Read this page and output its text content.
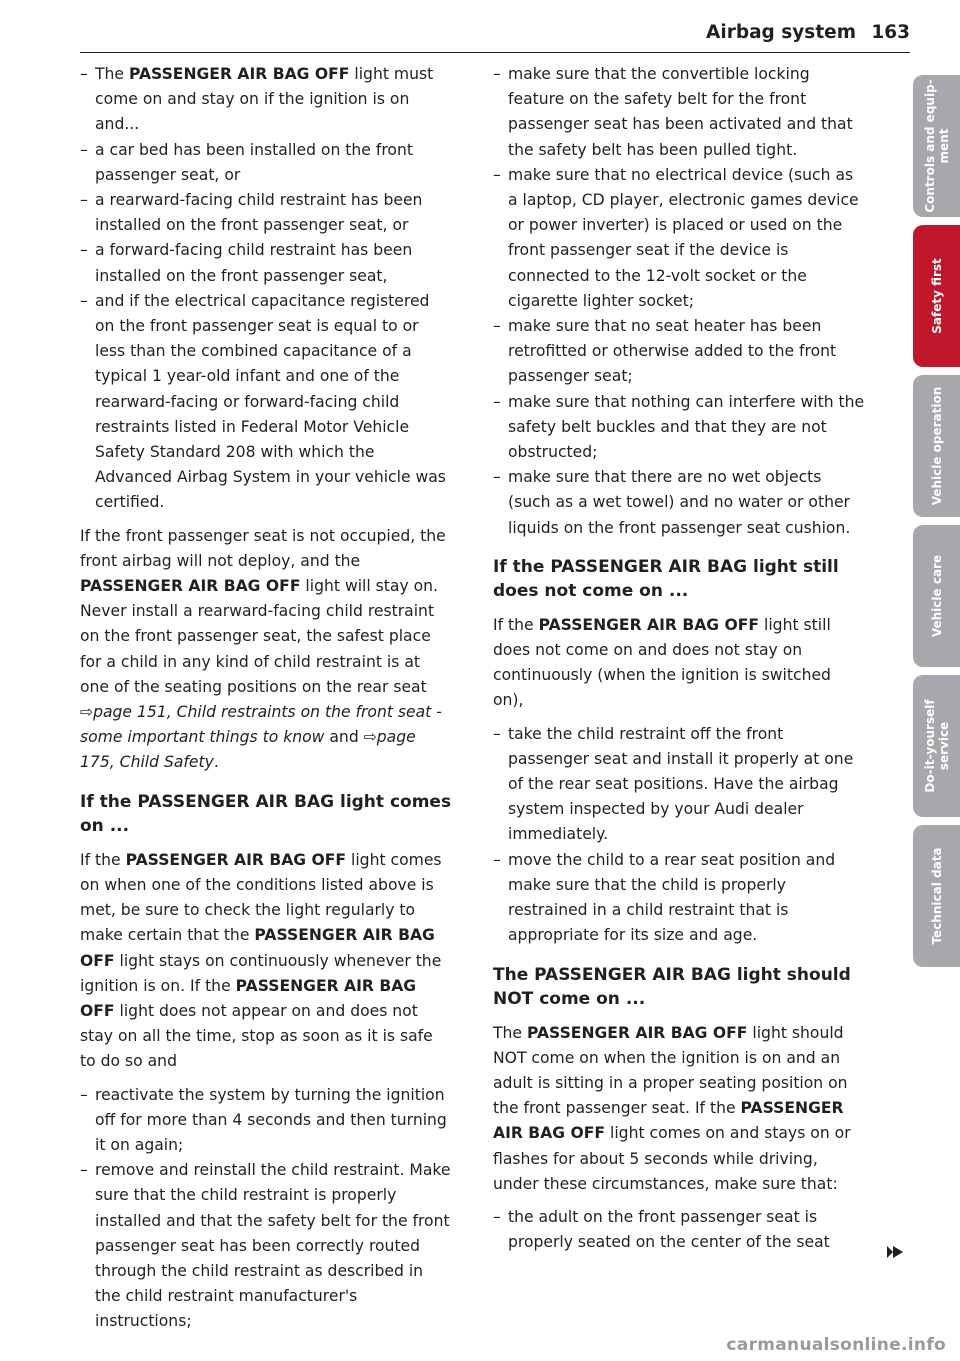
Airbag system 163
– The PASSENGER AIR BAG OFF light must come on and stay on if the ignition is on and...
– a car bed has been installed on the front passenger seat, or
– a rearward-facing child restraint has been installed on the front passenger seat, or
– a forward-facing child restraint has been installed on the front passenger seat,
– and if the electrical capacitance registered on the front passenger seat is equal to or less than the combined capacitance of a typical 1 year-old infant and one of the rearward-facing or forward-facing child restraints listed in Federal Motor Vehicle Safety Standard 208 with which the Advanced Airbag System in your vehicle was certified.

If the front passenger seat is not occupied, the front airbag will not deploy, and the PASSENGER AIR BAG OFF light will stay on. Never install a rearward-facing child restraint on the front passenger seat, the safest place for a child in any kind of child restraint is at one of the seating positions on the rear seat ⇨page 151, Child restraints on the front seat - some important things to know and ⇨page 175, Child Safety.

If the PASSENGER AIR BAG light comes on ...

If the PASSENGER AIR BAG OFF light comes on when one of the conditions listed above is met, be sure to check the light regularly to make certain that the PASSENGER AIR BAG OFF light stays on continuously whenever the ignition is on. If the PASSENGER AIR BAG OFF light does not appear on and does not stay on all the time, stop as soon as it is safe to do so and

– reactivate the system by turning the ignition off for more than 4 seconds and then turning it on again;
– remove and reinstall the child restraint. Make sure that the child restraint is properly installed and that the safety belt for the front passenger seat has been correctly routed through the child restraint as described in the child restraint manufacturer's instructions;
– make sure that the convertible locking feature on the safety belt for the front passenger seat has been activated and that the safety belt has been pulled tight.
– make sure that no electrical device (such as a laptop, CD player, electronic games device or power inverter) is placed or used on the front passenger seat if the device is connected to the 12-volt socket or the cigarette lighter socket;
– make sure that no seat heater has been retrofitted or otherwise added to the front passenger seat;
– make sure that nothing can interfere with the safety belt buckles and that they are not obstructed;
– make sure that there are no wet objects (such as a wet towel) and no water or other liquids on the front passenger seat cushion.
If the PASSENGER AIR BAG light still does not come on ...

If the PASSENGER AIR BAG OFF light still does not come on and does not stay on continuously (when the ignition is switched on),

– take the child restraint off the front passenger seat and install it properly at one of the rear seat positions. Have the airbag system inspected by your Audi dealer immediately.
– move the child to a rear seat position and make sure that the child is properly restrained in a child restraint that is appropriate for its size and age.
The PASSENGER AIR BAG light should NOT come on ...

The PASSENGER AIR BAG OFF light should NOT come on when the ignition is on and an adult is sitting in a proper seating position on the front passenger seat. If the PASSENGER AIR BAG OFF light comes on and stays on or flashes for about 5 seconds while driving, under these circumstances, make sure that:

– the adult on the front passenger seat is properly seated on the center of the seat
Controls and equip-
ment
Safety first
Vehicle operation
Vehicle care
Do-it-yourself
service
Technical data
carmanualsonline.info
